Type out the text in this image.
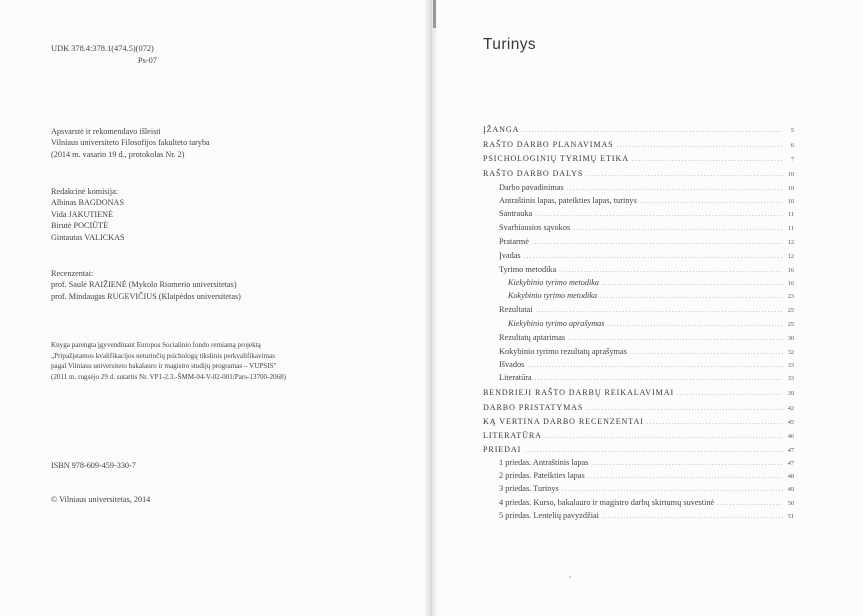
UDK 378.4:378.1(474.5)(072)
Ps-07
Apsvarstė ir rekomendavo išleisti
Vilniaus universiteto Filosofijos fakulteto taryba
(2014 m. vasario 19 d., protokolas Nr. 2)
Redakcinė komisija:
Albinas BAGDONAS
Vida JAKUTIENĖ
Birutė POCIŪTĖ
Gintautas VALICKAS
Recenzentai:
prof. Saulė RAIŽIENĖ (Mykolo Riomerio universitetas)
prof. Mindaugas RUGEVIČIUS (Klaipėdos universitetas)
Knyga parengta įgyvendinant Europos Socialinio fondo remiamą projektą
„Pripažįstamos kvalifikacijos neturinčių psichologų tikslinis perkvalifikavimas
pagal Vilniaus universiteto bakalauro ir magistro studijų programas – VUPSIS"
(2011 m. rugsėjo 29 d. sutartis Nr. VP1-2.3.-ŠMM-04-V-02-001/Pars-13700-2068)
ISBN 978-609-459-330-7
© Vilniaus universitetas, 2014
Turinys
ĮŽANGA .....	5
RAŠTO DARBO PLANAVIMAS .....	6
PSICHOLOGINIŲ TYRIMŲ ETIKA .....	7
RAŠTO DARBO DALYS .....	10
Darbo pavadinimas .....	10
Antraštinis lapas, pateikties lapas, turinys .....	10
Santrauka .....	11
Svarbiausios sąvokos .....	11
Pratarmė .....	12
Įvadas .....	12
Tyrimo metodika .....	16
Kiekybinio tyrimo metodika .....	16
Kokybinio tyrimo metodika .....	23
Rezultatai .....	25
Kiekybinio tyrimo aprašymas .....	25
Rezultatų aptarimas .....	30
Kokybinio tyrimo rezultatų aprašymas .....	32
Išvados .....	33
Literatūra .....	33
BENDRIEJI RAŠTO DARBŲ REIKALAVIMAI .....	39
DARBO PRISTATYMAS .....	42
KĄ VERTINA DARBO RECENZENTAI .....	45
LITERATŪRA .....	46
PRIEDAI .....	47
1 priedas. Antraštinis lapas .....	47
2 priedas. Pateikties lapas .....	48
3 priedas. Turinys .....	49
4 priedas. Kurso, bakalauro ir magistro darbų skirtumų suvestinė .....	50
5 priedas. Lentelių pavyzdžiai .....	51
